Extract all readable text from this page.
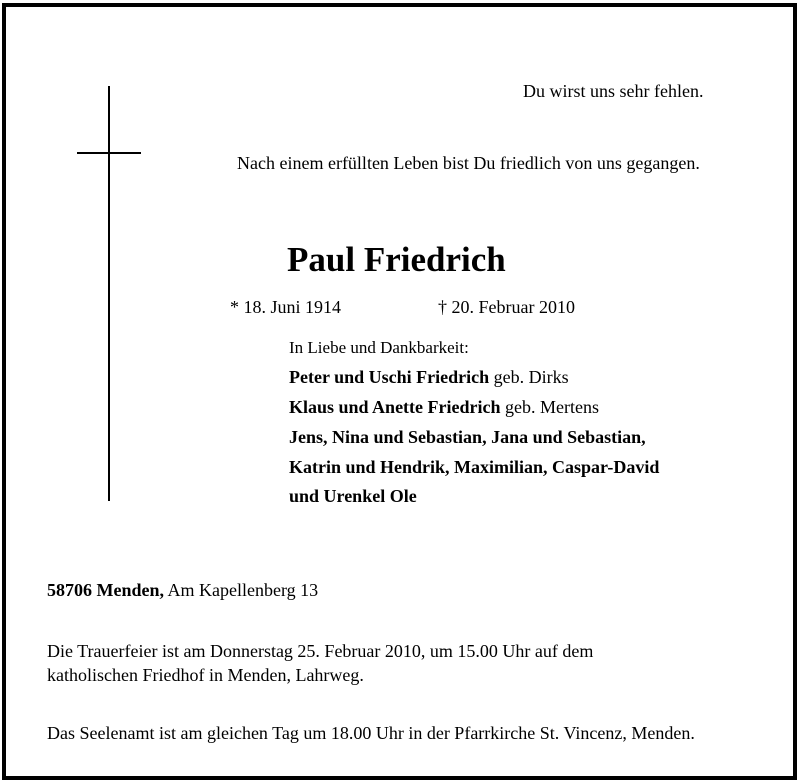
Du wirst uns sehr fehlen.
Nach einem erfüllten Leben bist Du friedlich von uns gegangen.
Paul Friedrich
* 18. Juni 1914	† 20. Februar 2010
In Liebe und Dankbarkeit:
Peter und Uschi Friedrich geb. Dirks
Klaus und Anette Friedrich geb. Mertens
Jens, Nina und Sebastian, Jana und Sebastian,
Katrin und Hendrik, Maximilian, Caspar-David
und Urenkel Ole
58706 Menden, Am Kapellenberg 13
Die Trauerfeier ist am Donnerstag 25. Februar 2010, um 15.00 Uhr auf dem
katholischen Friedhof in Menden, Lahrweg.
Das Seelenamt ist am gleichen Tag um 18.00 Uhr in der Pfarrkirche St. Vincenz, Menden.
